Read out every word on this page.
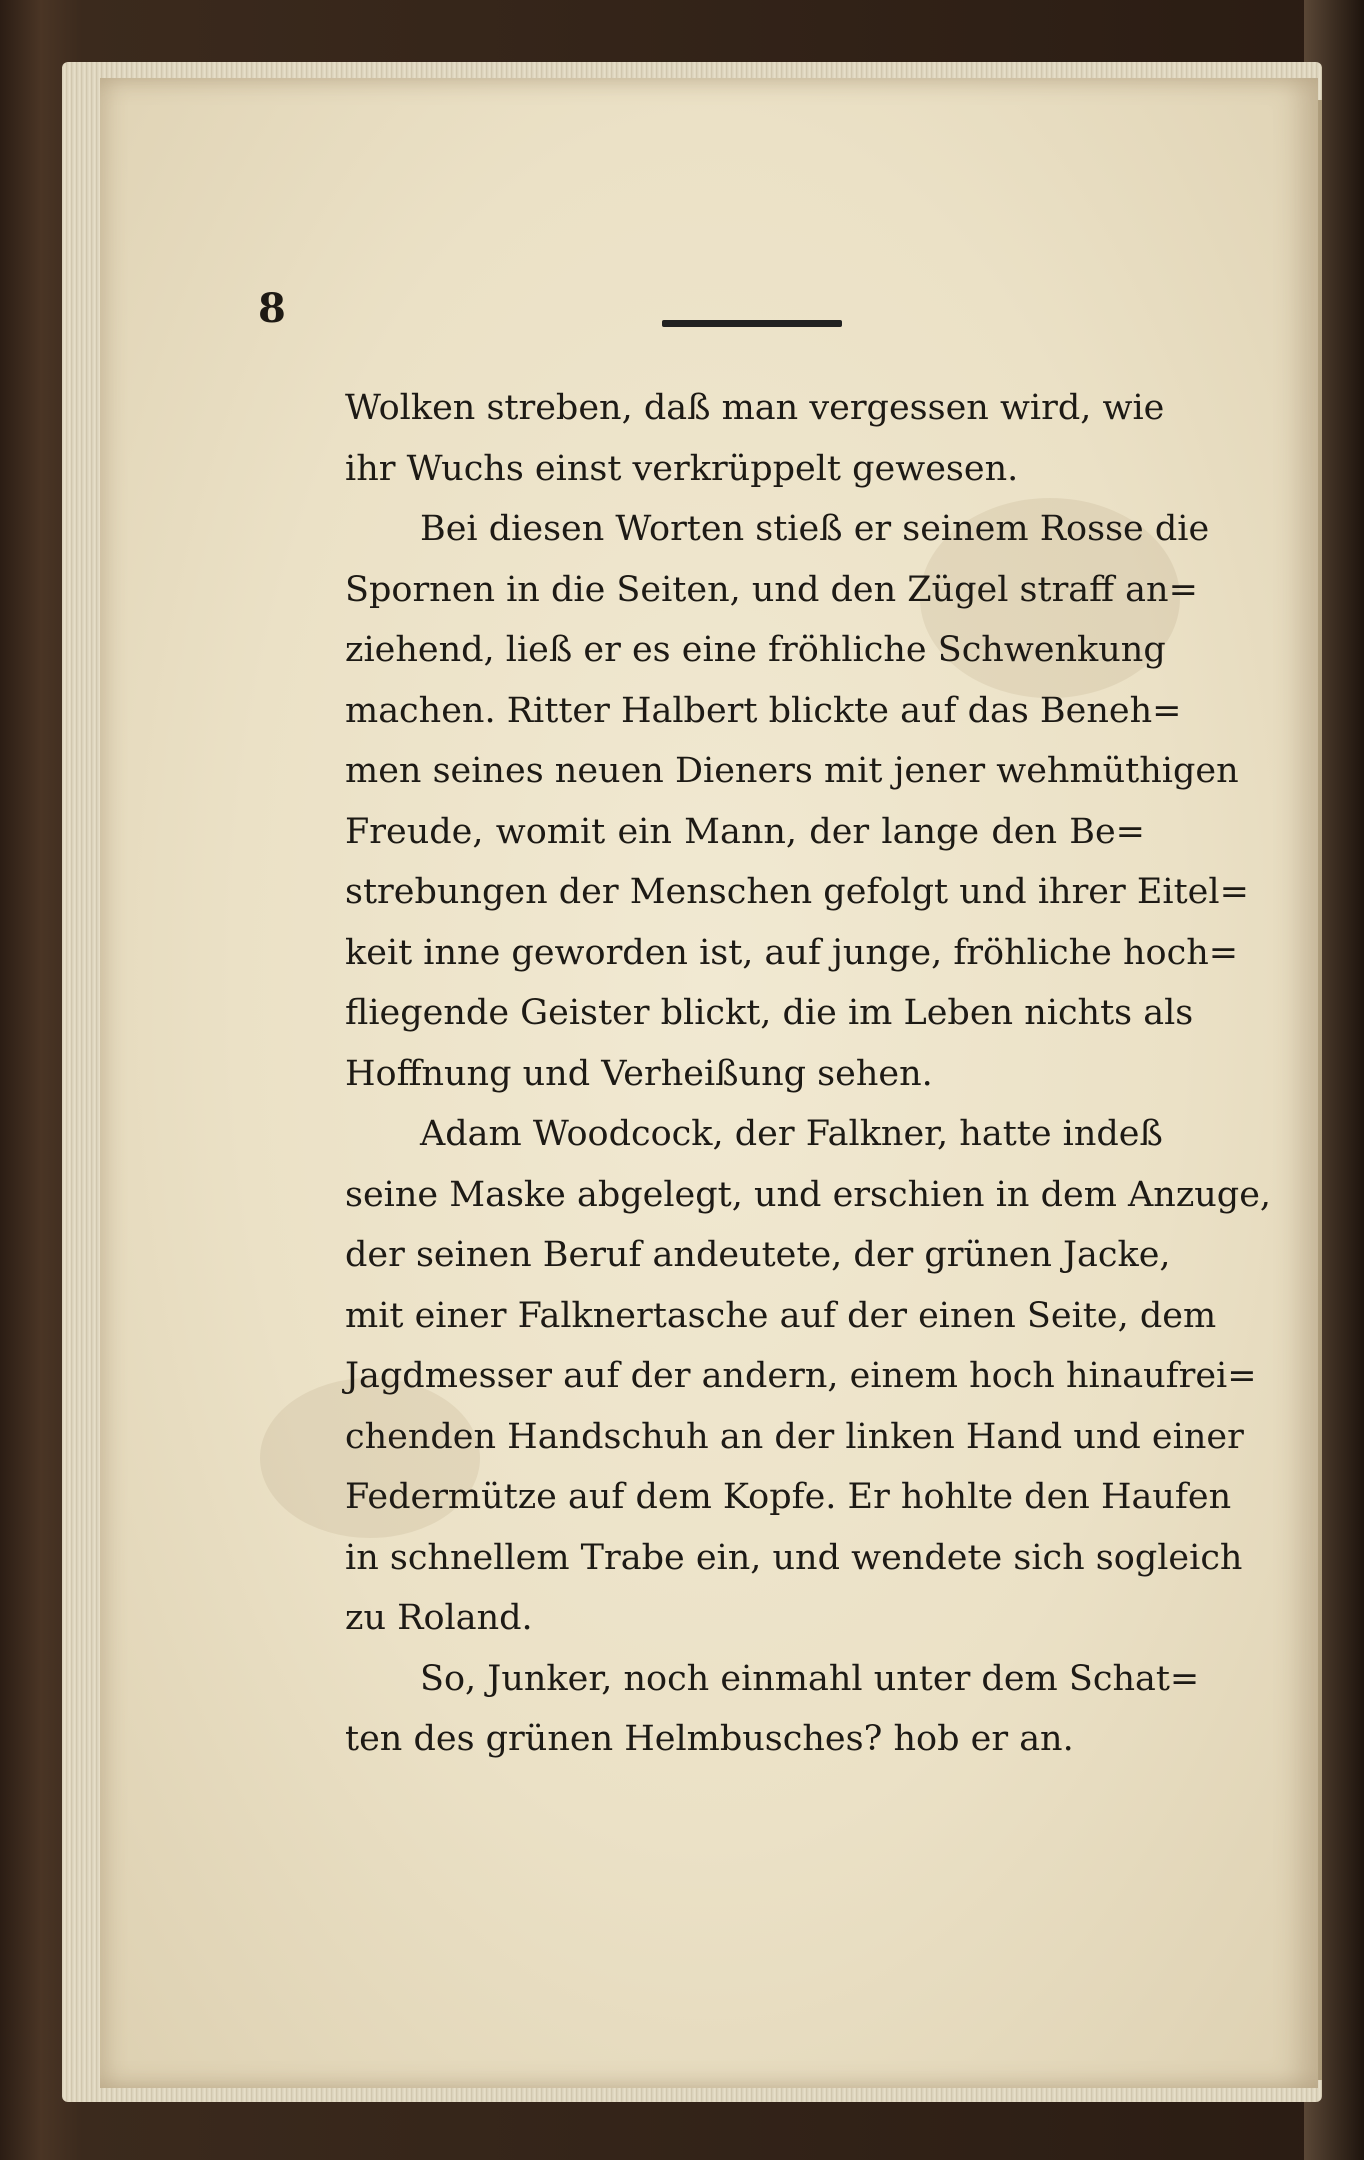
8

Wolken streben, daß man vergessen wird, wie
ihr Wuchs einst verkrüppelt gewesen.

Bei diesen Worten stieß er seinem Rosse die
Spornen in die Seiten, und den Zügel straff an=
ziehend, ließ er es eine fröhliche Schwenkung
machen. Ritter Halbert blickte auf das Beneh=
men seines neuen Dieners mit jener wehmüthigen
Freude, womit ein Mann, der lange den Be=
strebungen der Menschen gefolgt und ihrer Eitel=
keit inne geworden ist, auf junge, fröhliche hoch=
fliegende Geister blickt, die im Leben nichts als
Hoffnung und Verheißung sehen.

Adam Woodcock, der Falkner, hatte indeß
seine Maske abgelegt, und erschien in dem Anzuge,
der seinen Beruf andeutete, der grünen Jacke,
mit einer Falknertasche auf der einen Seite, dem
Jagdmesser auf der andern, einem hoch hinaufrei=
chenden Handschuh an der linken Hand und einer
Federmütze auf dem Kopfe. Er hohlte den Haufen
in schnellem Trabe ein, und wendete sich sogleich
zu Roland.

So, Junker, noch einmahl unter dem Schat=
ten des grünen Helmbusches? hob er an.
